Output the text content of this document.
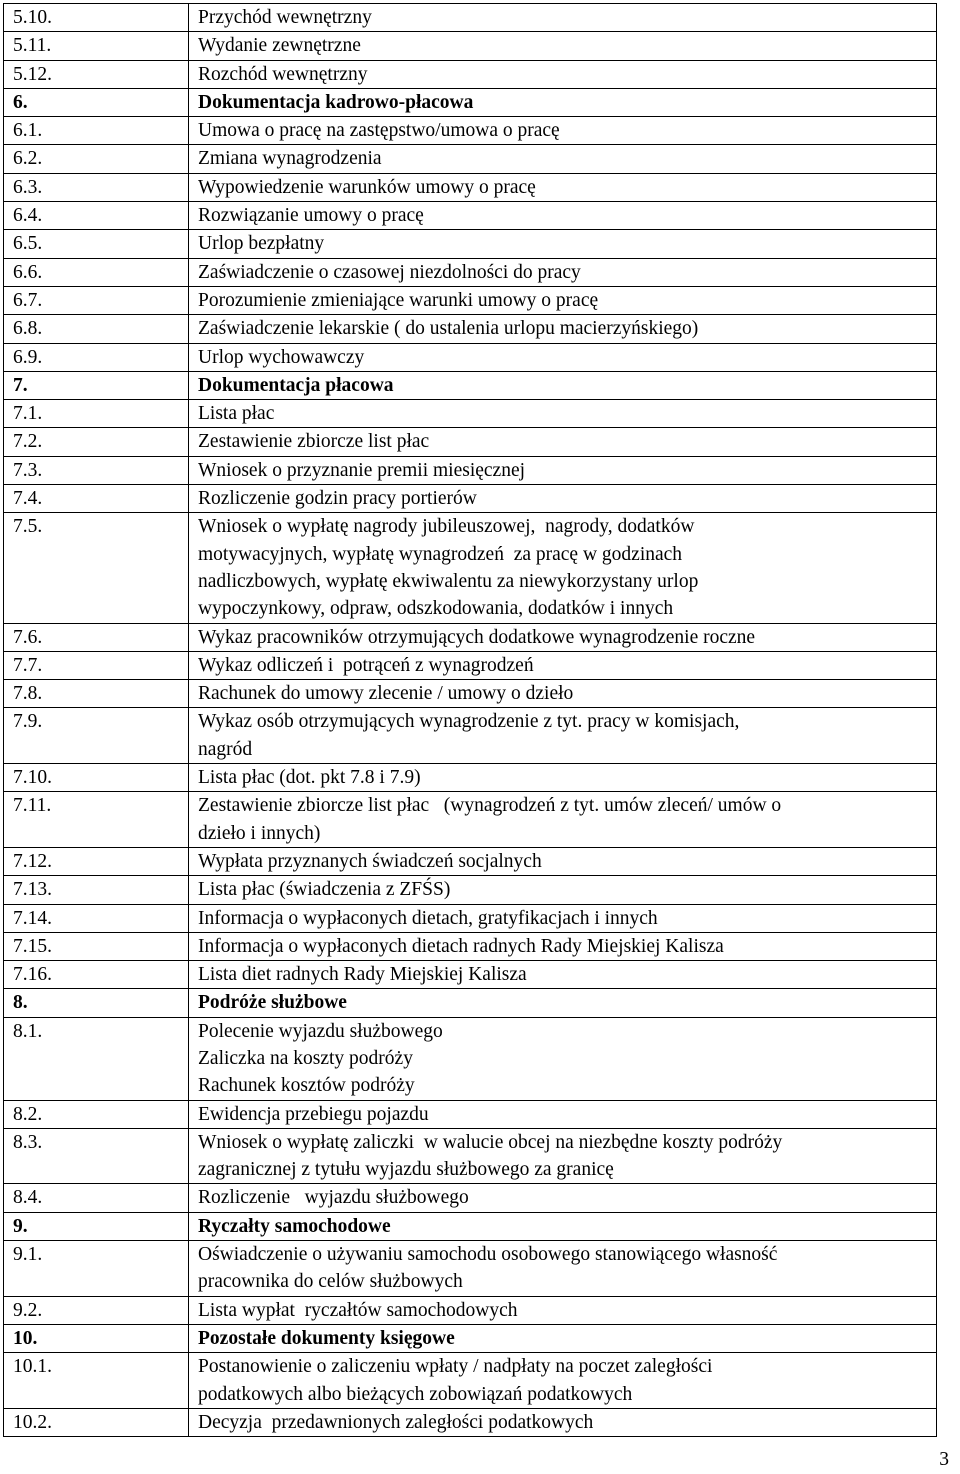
5.10.	Przychód wewnętrzny
5.11.	Wydanie zewnętrzne
5.12.	Rozchód wewnętrzny
6.	Dokumentacja kadrowo-płacowa
6.1.	Umowa o pracę na zastępstwo/umowa o pracę
6.2.	Zmiana wynagrodzenia
6.3.	Wypowiedzenie warunków umowy o pracę
6.4.	Rozwiązanie umowy o pracę
6.5.	Urlop bezpłatny
6.6.	Zaświadczenie o czasowej niezdolności do pracy
6.7.	Porozumienie zmieniające warunki umowy o pracę
6.8.	Zaświadczenie lekarskie ( do ustalenia urlopu macierzyńskiego)
6.9.	Urlop wychowawczy
7.	Dokumentacja płacowa
7.1.	Lista płac
7.2.	Zestawienie zbiorcze list płac
7.3.	Wniosek o przyznanie premii miesięcznej
7.4.	Rozliczenie godzin pracy portierów
7.5.	Wniosek o wypłatę nagrody jubileuszowej,  nagrody, dodatków
motywacyjnych, wypłatę wynagrodzeń  za pracę w godzinach
nadliczbowych, wypłatę ekwiwalentu za niewykorzystany urlop
wypoczynkowy, odpraw, odszkodowania, dodatków i innych
7.6.	Wykaz pracowników otrzymujących dodatkowe wynagrodzenie roczne
7.7.	Wykaz odliczeń i  potrąceń z wynagrodzeń
7.8.	Rachunek do umowy zlecenie / umowy o dzieło
7.9.	Wykaz osób otrzymujących wynagrodzenie z tyt. pracy w komisjach,
nagród
7.10.	Lista płac (dot. pkt 7.8 i 7.9)
7.11.	Zestawienie zbiorcze list płac   (wynagrodzeń z tyt. umów zleceń/ umów o
dzieło i innych)
7.12.	Wypłata przyznanych świadczeń socjalnych
7.13.	Lista płac (świadczenia z ZFŚS)
7.14.	Informacja o wypłaconych dietach, gratyfikacjach i innych
7.15.	Informacja o wypłaconych dietach radnych Rady Miejskiej Kalisza
7.16.	Lista diet radnych Rady Miejskiej Kalisza
8.	Podróże służbowe
8.1.	Polecenie wyjazdu służbowego
Zaliczka na koszty podróży
Rachunek kosztów podróży
8.2.	Ewidencja przebiegu pojazdu
8.3.	Wniosek o wypłatę zaliczki  w walucie obcej na niezbędne koszty podróży
zagranicznej z tytułu wyjazdu służbowego za granicę
8.4.	Rozliczenie   wyjazdu służbowego
9.	Ryczałty samochodowe
9.1.	Oświadczenie o używaniu samochodu osobowego stanowiącego własność
pracownika do celów służbowych
9.2.	Lista wypłat  ryczałtów samochodowych
10.	Pozostałe dokumenty księgowe
10.1.	Postanowienie o zaliczeniu wpłaty / nadpłaty na poczet zaległości
podatkowych albo bieżących zobowiązań podatkowych
10.2.	Decyzja  przedawnionych zaległości podatkowych
3
